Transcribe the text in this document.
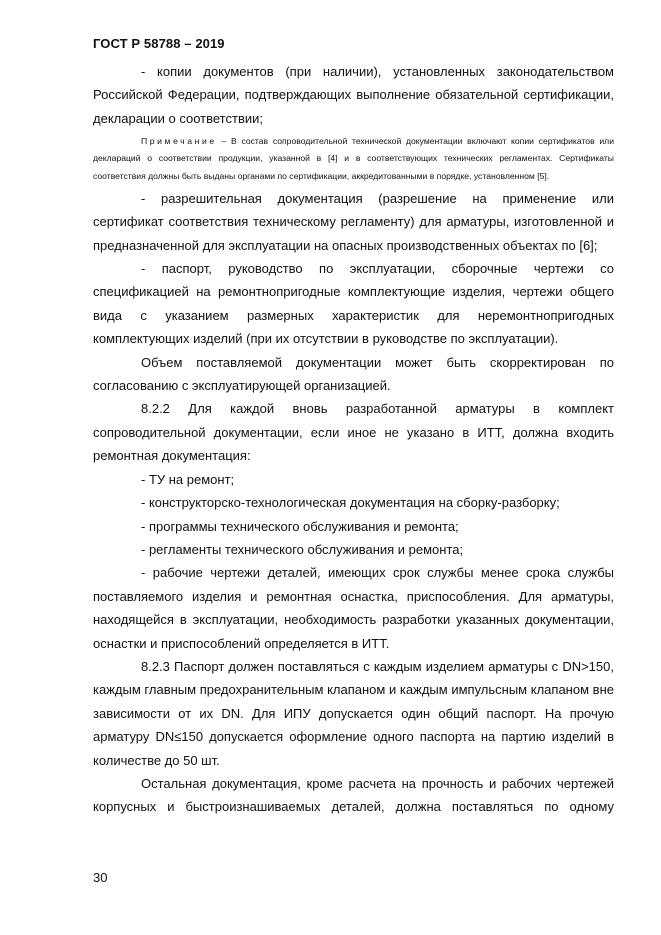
ГОСТ Р 58788 – 2019

- копии документов (при наличии), установленных законодательством Российской Федерации, подтверждающих выполнение обязательной сертификации, декларации о соответствии;

Примечание – В состав сопроводительной технической документации включают копии сертификатов или деклараций о соответствии продукции, указанной в [4] и в соответствующих технических регламентах. Сертификаты соответствия должны быть выданы органами по сертификации, аккредитованными в порядке, установленном [5].

- разрешительная документация (разрешение на применение или сертификат соответствия техническому регламенту) для арматуры, изготовленной и предназначенной для эксплуатации на опасных производственных объектах по [6];

- паспорт, руководство по эксплуатации, сборочные чертежи со спецификацией на ремонтнопригодные комплектующие изделия, чертежи общего вида с указанием размерных характеристик для неремонтнопригодных комплектующих изделий (при их отсутствии в руководстве по эксплуатации).

Объем поставляемой документации может быть скорректирован по согласованию с эксплуатирующей организацией.

8.2.2 Для каждой вновь разработанной арматуры в комплект сопроводительной документации, если иное не указано в ИТТ, должна входить ремонтная документация:

- ТУ на ремонт;

- конструкторско-технологическая документация на сборку-разборку;

- программы технического обслуживания и ремонта;

- регламенты технического обслуживания и ремонта;

- рабочие чертежи деталей, имеющих срок службы менее срока службы поставляемого изделия и ремонтная оснастка, приспособления. Для арматуры, находящейся в эксплуатации, необходимость разработки указанных документации, оснастки и приспособлений определяется в ИТТ.

8.2.3 Паспорт должен поставляться с каждым изделием арматуры с DN>150, каждым главным предохранительным клапаном и каждым импульсным клапаном вне зависимости от их DN. Для ИПУ допускается один общий паспорт. На прочую арматуру DN≤150 допускается оформление одного паспорта на партию изделий в количестве до 50 шт.

Остальная документация, кроме расчета на прочность и рабочих чертежей корпусных и быстроизнашиваемых деталей, должна поставляться по одному

30
